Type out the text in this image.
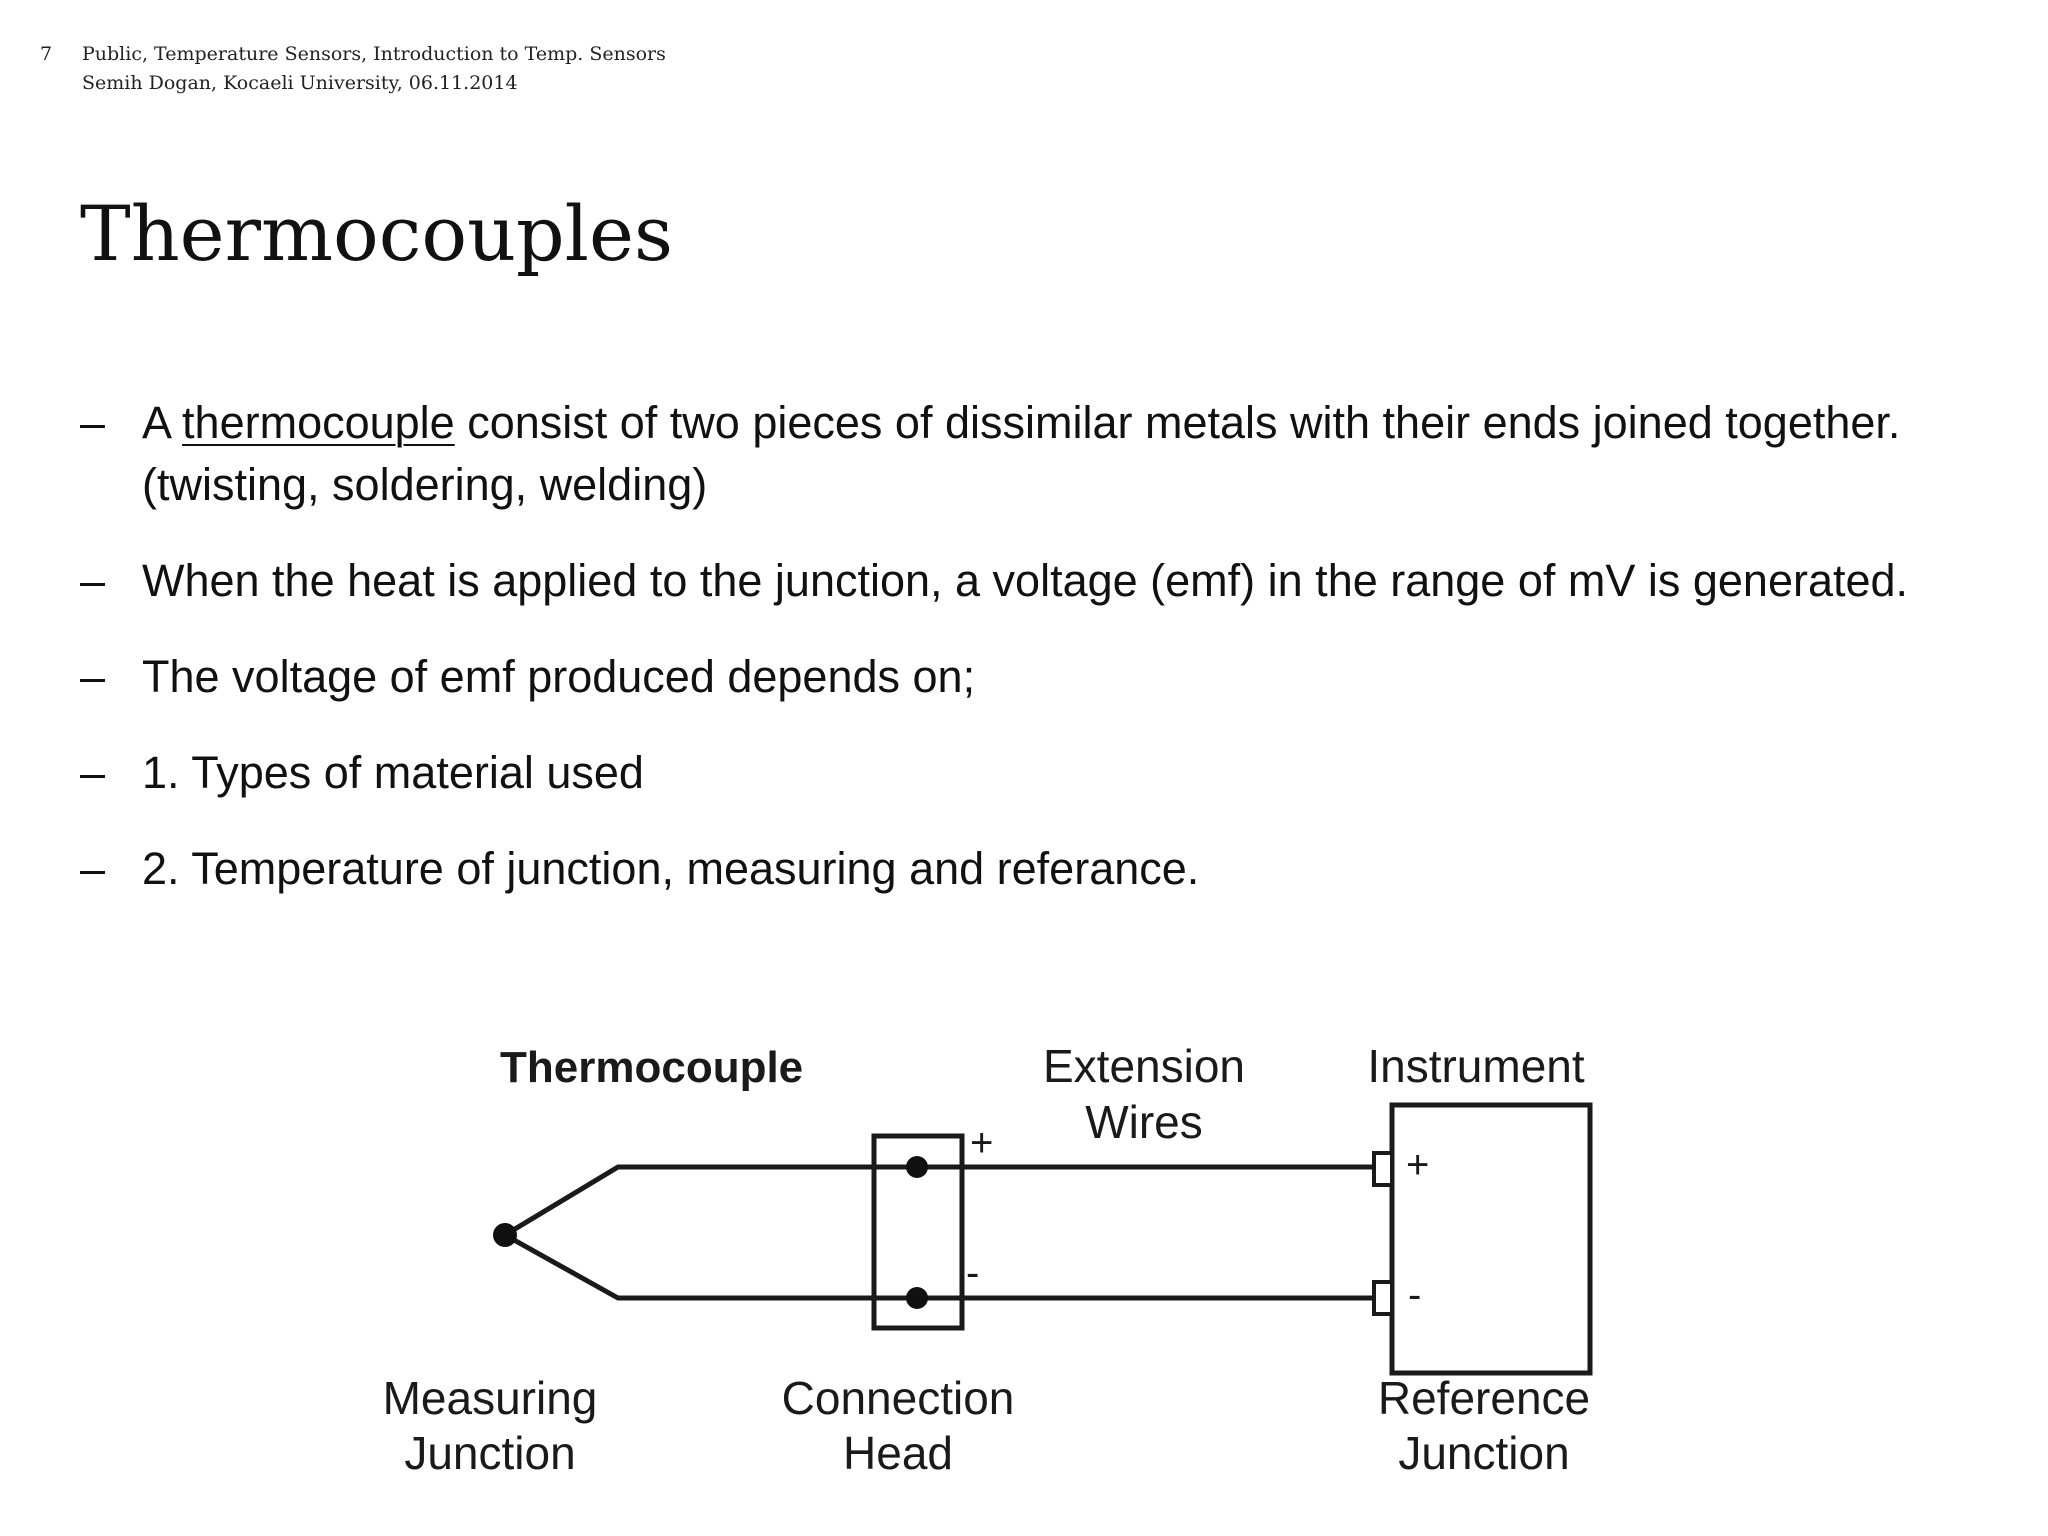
7 Public, Temperature Sensors, Introduction to Temp. Sensors
Semih Dogan, Kocaeli University, 06.11.2014
Thermocouples
– A thermocouple consist of two pieces of dissimilar metals with their ends joined together. (twisting, soldering, welding)
– When the heat is applied to the junction, a voltage (emf) in the range of mV is generated.
– The voltage of emf produced depends on;
– 1. Types of material used
– 2. Temperature of junction, measuring and referance.
Thermocouple	Extension
Wires
Instrument
+
-
+
-
Measuring
Junction
Connection
Head
Reference
Junction
